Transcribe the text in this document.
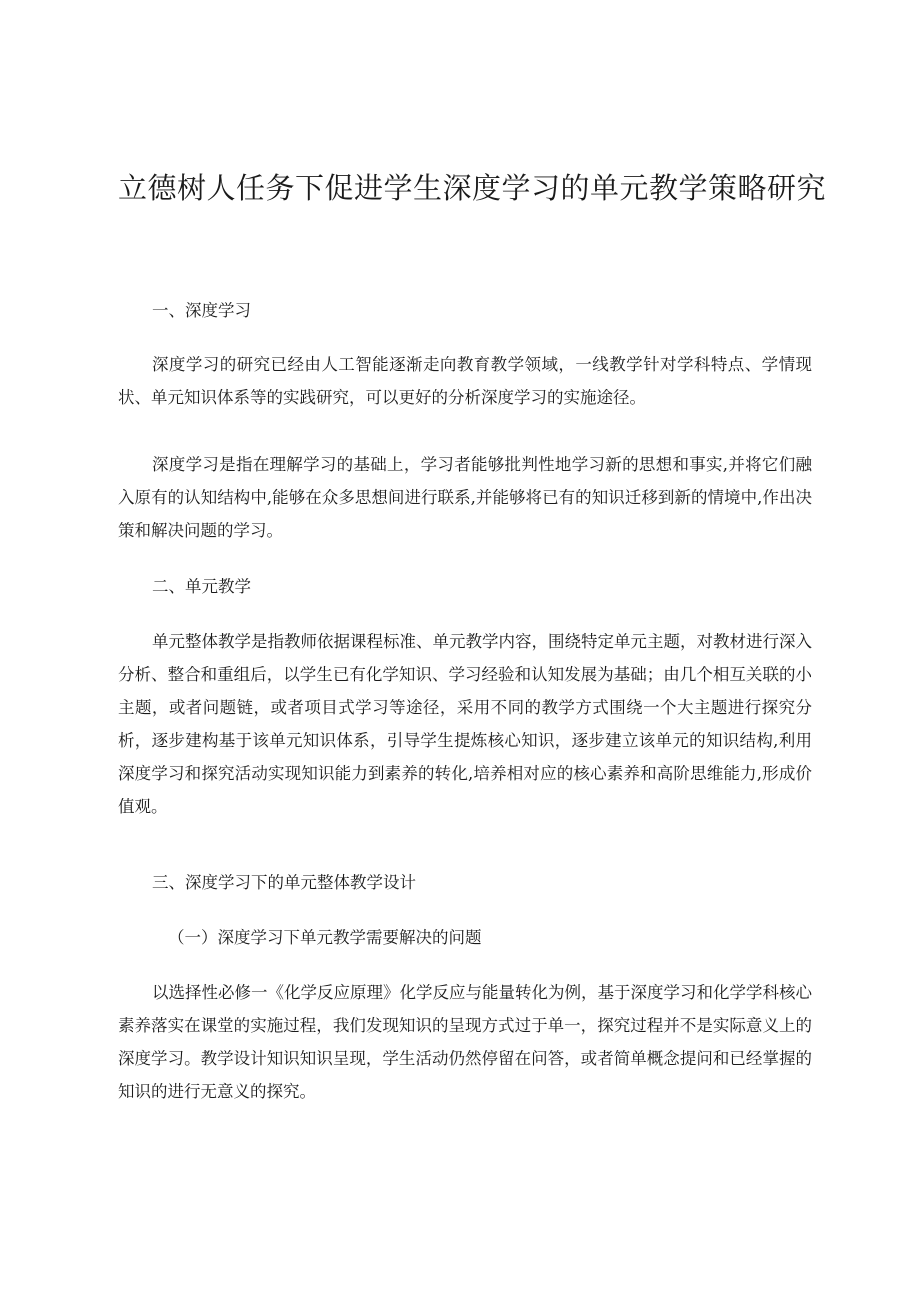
立德树人任务下促进学生深度学习的单元教学策略研究

一、深度学习

深度学习的研究已经由人工智能逐渐走向教育教学领域，一线教学针对学科特点、学情现状、单元知识体系等的实践研究，可以更好的分析深度学习的实施途径。

深度学习是指在理解学习的基础上，学习者能够批判性地学习新的思想和事实,并将它们融入原有的认知结构中,能够在众多思想间进行联系,并能够将已有的知识迁移到新的情境中,作出决策和解决问题的学习。

二、单元教学

单元整体教学是指教师依据课程标准、单元教学内容，围绕特定单元主题，对教材进行深入分析、整合和重组后，以学生已有化学知识、学习经验和认知发展为基础；由几个相互关联的小主题，或者问题链，或者项目式学习等途径，采用不同的教学方式围绕一个大主题进行探究分析，逐步建构基于该单元知识体系，引导学生提炼核心知识，逐步建立该单元的知识结构,利用深度学习和探究活动实现知识能力到素养的转化,培养相对应的核心素养和高阶思维能力,形成价值观。

三、深度学习下的单元整体教学设计

（一）深度学习下单元教学需要解决的问题

以选择性必修一《化学反应原理》化学反应与能量转化为例，基于深度学习和化学学科核心素养落实在课堂的实施过程，我们发现知识的呈现方式过于单一，探究过程并不是实际意义上的深度学习。教学设计知识知识呈现，学生活动仍然停留在问答，或者简单概念提问和已经掌握的知识的进行无意义的探究。
